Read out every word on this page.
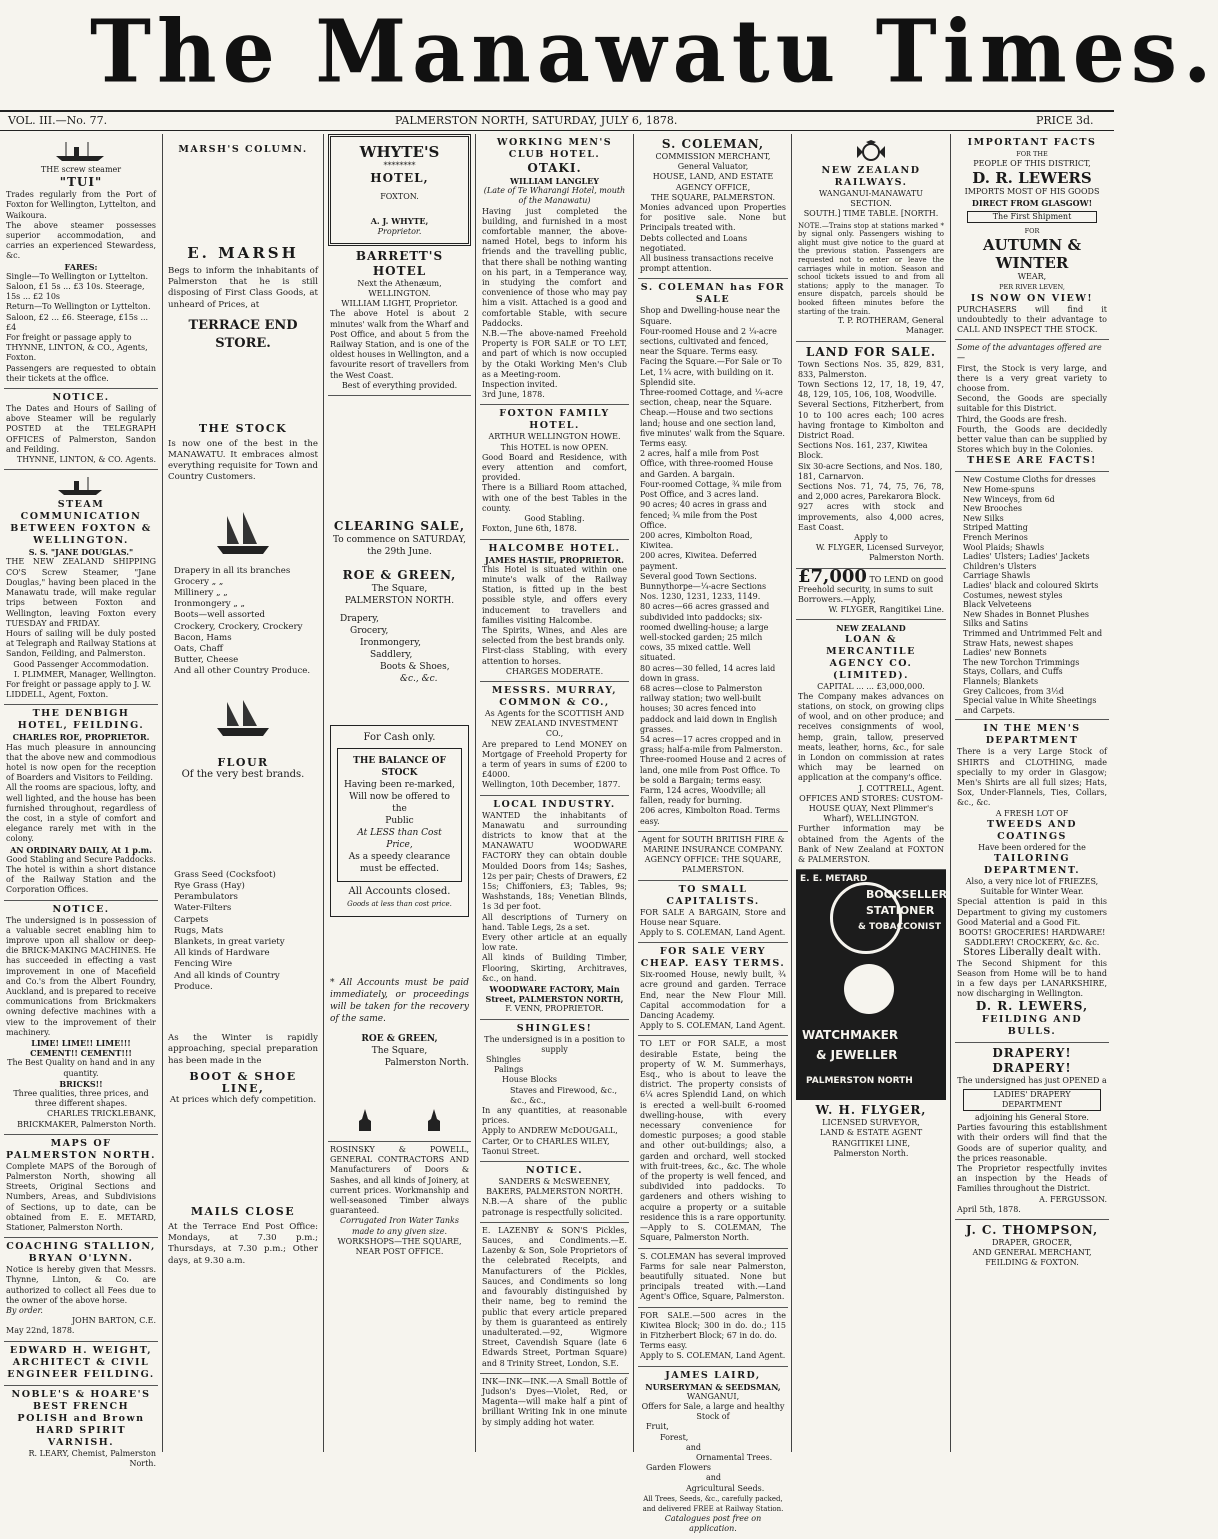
The Manawatu Times.
VOL. III.—No. 77.	PALMERSTON NORTH, SATURDAY, JULY 6, 1878.	PRICE 3d.

THE screw steamer

"TUI"

Trades regularly from the Port of Foxton for Wellington, Lyttelton, and Waikoura.

The above steamer possesses superior accommodation, and carries an experienced Stewardess, &c.

FARES:

Single—To Wellington or Lyttelton. Saloon, £1 5s ... £3 10s. Steerage, 15s ... £2 10s

Return—To Wellington or Lyttelton. Saloon, £2 ... £6. Steerage, £15s ... £4

For freight or passage apply to THYNNE, LINTON, & CO., Agents, Foxton.

Passengers are requested to obtain their tickets at the office.

NOTICE.

The Dates and Hours of Sailing of above Steamer will be regularly POSTED at the TELEGRAPH OFFICES of Palmerston, Sandon and Feilding.

THYNNE, LINTON, & CO. Agents.

STEAM COMMUNICATION BETWEEN FOXTON & WELLINGTON.

S. S. "JANE DOUGLAS."

THE NEW ZEALAND SHIPPING CO'S Screw Steamer, "Jane Douglas," having been placed in the Manawatu trade, will make regular trips between Foxton and Wellington, leaving Foxton every TUESDAY and FRIDAY.

Hours of sailing will be duly posted at Telegraph and Railway Stations at Sandon, Feilding, and Palmerston.

Good Passenger Accommodation.

I. PLIMMER, Manager, Wellington.

For freight or passage apply to J. W. LIDDELL, Agent, Foxton.

THE DENBIGH HOTEL, FEILDING.

CHARLES ROE, PROPRIETOR.

Has much pleasure in announcing that the above new and commodious hotel is now open for the reception of Boarders and Visitors to Feilding.

All the rooms are spacious, lofty, and well lighted, and the house has been furnished throughout, regardless of the cost, in a style of comfort and elegance rarely met with in the colony.

AN ORDINARY DAILY, At 1 p.m.

Good Stabling and Secure Paddocks.

The hotel is within a short distance of the Railway Station and the Corporation Offices.

NOTICE.

The undersigned is in possession of a valuable secret enabling him to improve upon all shallow or deep-die BRICK-MAKING MACHINES. He has succeeded in effecting a vast improvement in one of Macefield and Co.'s from the Albert Foundry, Auckland, and is prepared to receive communications from Brickmakers owning defective machines with a view to the improvement of their machinery.

LIME! LIME!! LIME!!!

CEMENT!! CEMENT!!!

The Best Quality on hand and in any quantity.

BRICKS!!

Three qualities, three prices, and three different shapes.

CHARLES TRICKLEBANK, BRICKMAKER, Palmerston North.

MAPS OF PALMERSTON NORTH.

Complete MAPS of the Borough of Palmerston North, showing all Streets, Original Sections and Numbers, Areas, and Subdivisions of Sections, up to date, can be obtained from E. E. METARD, Stationer, Palmerston North.

COACHING STALLION, BRYAN O'LYNN.

Notice is hereby given that Messrs. Thynne, Linton, & Co. are authorized to collect all Fees due to the owner of the above horse.

By order.

JOHN BARTON, C.E.

May 22nd, 1878.

EDWARD H. WEIGHT, ARCHITECT & CIVIL ENGINEER FEILDING.

NOBLE'S & HOARE'S BEST FRENCH POLISH and Brown HARD SPIRIT VARNISH.

R. LEARY, Chemist, Palmerston North.

MARSH'S COLUMN.

E. MARSH

Begs to inform the inhabitants of Palmerston that he is still disposing of First Class Goods, at unheard of Prices, at

TERRACE END STORE.

THE STOCK

Is now one of the best in the MANAWATU. It embraces almost everything requisite for Town and Country Customers.

Drapery in all its branches
Grocery „ „
Millinery „ „
Ironmongery „ „
Boots—well assorted
Crockery, Crockery, Crockery
Bacon, Hams
Oats, Chaff
Butter, Cheese
And all other Country Produce.

FLOUR

Of the very best brands.

Grass Seed (Cocksfoot)
Rye Grass (Hay)
Perambulators
Water-Filters
Carpets
Rugs, Mats
Blankets, in great variety
All kinds of Hardware
Fencing Wire
And all kinds of Country Produce.

As the Winter is rapidly approaching, special preparation has been made in the

BOOT & SHOE LINE,

At prices which defy competition.

MAILS CLOSE

At the Terrace End Post Office: Mondays, at 7.30 p.m.; Thursdays, at 7.30 p.m.; Other days, at 9.30 a.m.

WHYTE'S

********

HOTEL,

FOXTON.

A. J. WHYTE,

Proprietor.

BARRETT'S HOTEL

Next the Athenæum, WELLINGTON.

WILLIAM LIGHT, Proprietor.

The above Hotel is about 2 minutes' walk from the Wharf and Post Office, and about 5 from the Railway Station, and is one of the oldest houses in Wellington, and a favourite resort of travellers from the West Coast.

Best of everything provided.

CLEARING SALE,

To commence on SATURDAY, the 29th June.

ROE & GREEN,

The Square,

PALMERSTON NORTH.

Drapery,
Grocery,
Ironmongery,
Saddlery,
Boots & Shoes,
&c., &c.

For Cash only.

THE BALANCE OF STOCK

Having been re-marked,

Will now be offered to the

Public

At LESS than Cost Price,

As a speedy clearance must be effected.

All Accounts closed.

Goods at less than cost price.

* All Accounts must be paid immediately, or proceedings will be taken for the recovery of the same.

ROE & GREEN,

The Square,

Palmerston North.

ROSINSKY & POWELL, GENERAL CONTRACTORS AND Manufacturers of Doors & Sashes, and all kinds of Joinery, at current prices. Workmanship and well-seasoned Timber always guaranteed.

Corrugated Iron Water Tanks made to any given size.

WORKSHOPS—THE SQUARE, NEAR POST OFFICE.

WORKING MEN'S CLUB HOTEL.

OTAKI.

WILLIAM LANGLEY

(Late of Te Wharangi Hotel, mouth of the Manawatu)

Having just completed the building, and furnished in a most comfortable manner, the above-named Hotel, begs to inform his friends and the travelling public, that there shall be nothing wanting on his part, in a Temperance way, in studying the comfort and convenience of those who may pay him a visit. Attached is a good and comfortable Stable, with secure Paddocks.

N.B.—The above-named Freehold Property is FOR SALE or TO LET, and part of which is now occupied by the Otaki Working Men's Club as a Meeting-room.

Inspection invited.

3rd June, 1878.

FOXTON FAMILY HOTEL.

ARTHUR WELLINGTON HOWE.

This HOTEL is now OPEN.

Good Board and Residence, with every attention and comfort, provided.

There is a Billiard Room attached, with one of the best Tables in the county.

Good Stabling.

Foxton, June 6th, 1878.

HALCOMBE HOTEL.

JAMES HASTIE, PROPRIETOR.

This Hotel is situated within one minute's walk of the Railway Station, is fitted up in the best possible style, and offers every inducement to travellers and families visiting Halcombe.

The Spirits, Wines, and Ales are selected from the best brands only.

First-class Stabling, with every attention to horses.

CHARGES MODERATE.

MESSRS. MURRAY, COMMON & CO.,

As Agents for the SCOTTISH AND NEW ZEALAND INVESTMENT CO.,

Are prepared to Lend MONEY on Mortgage of Freehold Property for a term of years in sums of £200 to £4000.

Wellington, 10th December, 1877.

LOCAL INDUSTRY.

WANTED the inhabitants of Manawatu and surrounding districts to know that at the MANAWATU WOODWARE FACTORY they can obtain double Moulded Doors from 14s; Sashes, 12s per pair; Chests of Drawers, £2 15s; Chiffoniers, £3; Tables, 9s; Washstands, 18s; Venetian Blinds, 1s 3d per foot.

All descriptions of Turnery on hand. Table Legs, 2s a set.

Every other article at an equally low rate.

All kinds of Building Timber, Flooring, Skirting, Architraves, &c., on hand.

WOODWARE FACTORY, Main Street, PALMERSTON NORTH,

F. VENN, PROPRIETOR.

SHINGLES!

The undersigned is in a position to supply

Shingles
Palings
House Blocks
Staves and Firewood, &c., &c., &c.,

In any quantities, at reasonable prices.

Apply to ANDREW McDOUGALL, Carter, Or to CHARLES WILEY, Taonui Street.

NOTICE.

SANDERS & McSWEENEY, BAKERS, PALMERSTON NORTH.

N.B.—A share of the public patronage is respectfully solicited.

E. LAZENBY & SON'S Pickles, Sauces, and Condiments.—E. Lazenby & Son, Sole Proprietors of the celebrated Receipts, and Manufacturers of the Pickles, Sauces, and Condiments so long and favourably distinguished by their name, beg to remind the public that every article prepared by them is guaranteed as entirely unadulterated.—92, Wigmore Street, Cavendish Square (late 6 Edwards Street, Portman Square) and 8 Trinity Street, London, S.E.

INK—INK—INK.—A Small Bottle of Judson's Dyes—Violet, Red, or Magenta—will make half a pint of brilliant Writing Ink in one minute by simply adding hot water.

S. COLEMAN,

COMMISSION MERCHANT,

General Valuator,

HOUSE, LAND, AND ESTATE AGENCY OFFICE,

THE SQUARE, PALMERSTON.

Monies advanced upon Properties for positive sale. None but Principals treated with.

Debts collected and Loans negotiated.

All business transactions receive prompt attention.

S. COLEMAN has FOR SALE

Shop and Dwelling-house near the Square.

Four-roomed House and 2 ¼-acre sections, cultivated and fenced, near the Square. Terms easy.

Facing the Square.—For Sale or To Let, 1¼ acre, with building on it. Splendid site.

Three-roomed Cottage, and ¼-acre section, cheap, near the Square.

Cheap.—House and two sections land; house and one section land, five minutes' walk from the Square. Terms easy.

2 acres, half a mile from Post Office, with three-roomed House and Garden. A bargain.

Four-roomed Cottage, ¾ mile from Post Office, and 3 acres land.

90 acres; 40 acres in grass and fenced; ¾ mile from the Post Office.

200 acres, Kimbolton Road, Kiwitea.

200 acres, Kiwitea. Deferred payment.

Several good Town Sections.

Bunnythorpe—¼-acre Sections Nos. 1230, 1231, 1233, 1149.

80 acres—66 acres grassed and subdivided into paddocks; six-roomed dwelling-house; a large well-stocked garden; 25 milch cows, 35 mixed cattle. Well situated.

80 acres—30 felled, 14 acres laid down in grass.

68 acres—close to Palmerston railway station; two well-built houses; 30 acres fenced into paddock and laid down in English grasses.

54 acres—17 acres cropped and in grass; half-a-mile from Palmerston.

Three-roomed House and 2 acres of land, one mile from Post Office. To be sold a Bargain; terms easy.

Farm, 124 acres, Woodville; all fallen, ready for burning.

206 acres, Kimbolton Road. Terms easy.

Agent for SOUTH BRITISH FIRE & MARINE INSURANCE COMPANY.

AGENCY OFFICE: THE SQUARE, PALMERSTON.

TO SMALL CAPITALISTS.

FOR SALE A BARGAIN, Store and House near Square.

Apply to S. COLEMAN, Land Agent.

FOR SALE VERY CHEAP. EASY TERMS.

Six-roomed House, newly built, ¾ acre ground and garden. Terrace End, near the New Flour Mill. Capital accommodation for a Dancing Academy.

Apply to S. COLEMAN, Land Agent.

TO LET or FOR SALE, a most desirable Estate, being the property of W. M. Summerhays, Esq., who is about to leave the district. The property consists of 6¼ acres Splendid Land, on which is erected a well-built 6-roomed dwelling-house, with every necessary convenience for domestic purposes; a good stable and other out-buildings; also, a garden and orchard, well stocked with fruit-trees, &c., &c. The whole of the property is well fenced, and subdivided into paddocks. To gardeners and others wishing to acquire a property or a suitable residence this is a rare opportunity.—Apply to S. COLEMAN, The Square, Palmerston North.

S. COLEMAN has several improved Farms for sale near Palmerston, beautifully situated. None but principals treated with.—Land Agent's Office, Square, Palmerston.

FOR SALE.—500 acres in the Kiwitea Block; 300 in do. do.; 115 in Fitzherbert Block; 67 in do. do.

Terms easy.

Apply to S. COLEMAN, Land Agent.

JAMES LAIRD,

NURSERYMAN & SEEDSMAN,

WANGANUI,

Offers for Sale, a large and healthy Stock of

Fruit,
Forest,
and
Ornamental Trees.
Garden Flowers
and
Agricultural Seeds.

All Trees, Seeds, &c., carefully packed, and delivered FREE at Railway Station.

Catalogues post free on application.

NEW ZEALAND RAILWAYS.

WANGANUI-MANAWATU SECTION.

SOUTH.] TIME TABLE. [NORTH.

NOTE.—Trains stop at stations marked * by signal only. Passengers wishing to alight must give notice to the guard at the previous station. Passengers are requested not to enter or leave the carriages while in motion. Season and school tickets issued to and from all stations; apply to the manager. To ensure dispatch, parcels should be booked fifteen minutes before the starting of the train.

T. P. ROTHERAM, General Manager.

LAND FOR SALE.

Town Sections Nos. 35, 829, 831, 833, Palmerston.

Town Sections 12, 17, 18, 19, 47, 48, 129, 105, 106, 108, Woodville.

Several Sections, Fitzherbert, from 10 to 100 acres each; 100 acres having frontage to Kimbolton and District Road.

Sections Nos. 161, 237, Kiwitea Block.

Six 30-acre Sections, and Nos. 180, 181, Carnarvon.

Sections Nos. 71, 74, 75, 76, 78, and 2,000 acres, Parekarora Block.

927 acres with stock and improvements, also 4,000 acres, East Coast.

Apply to

W. FLYGER, Licensed Surveyor, Palmerston North.

£7,000 TO LEND on good Freehold security, in sums to suit Borrowers.—Apply,

W. FLYGER, Rangitikei Line.

NEW ZEALAND

LOAN & MERCANTILE AGENCY CO. (LIMITED).

CAPITAL ... ... £3,000,000.

The Company makes advances on stations, on stock, on growing clips of wool, and on other produce; and receives consignments of wool, hemp, grain, tallow, preserved meats, leather, horns, &c., for sale in London on commission at rates which may be learned on application at the company's office.

J. COTTRELL, Agent.

OFFICES AND STORES: CUSTOM-HOUSE QUAY, Next Plimmer's Wharf), WELLINGTON.

Further information may be obtained from the Agents of the Bank of New Zealand at FOXTON & PALMERSTON.

E. E. METARD
BOOKSELLER
STATIONER
& TOBACCONIST
WATCHMAKER
& JEWELLER
PALMERSTON NORTH

W. H. FLYGER,

LICENSED SURVEYOR,

LAND & ESTATE AGENT

RANGITIKEI LINE,

Palmerston North.

IMPORTANT FACTS

FOR THE

PEOPLE OF THIS DISTRICT,

D. R. LEWERS

IMPORTS MOST OF HIS GOODS

DIRECT FROM GLASGOW!

The First Shipment

FOR

AUTUMN & WINTER

WEAR,

PER RIVER LEVEN,

IS NOW ON VIEW!

PURCHASERS will find it undoubtedly to their advantage to CALL AND INSPECT THE STOCK.

Some of the advantages offered are—

First, the Stock is very large, and there is a very great variety to choose from.

Second, the Goods are specially suitable for this District.

Third, the Goods are fresh.

Fourth, the Goods are decidedly better value than can be supplied by Stores which buy in the Colonies.

THESE ARE FACTS!

New Costume Cloths for dresses
New Home-spuns
New Winceys, from 6d
New Brooches
New Silks
Striped Matting
French Merinos
Wool Plaids; Shawls
Ladies' Ulsters; Ladies' Jackets
Children's Ulsters
Carriage Shawls
Ladies' black and coloured Skirts
Costumes, newest styles
Black Velveteens
New Shades in Bonnet Plushes
Silks and Satins
Trimmed and Untrimmed Felt and Straw Hats, newest shapes
Ladies' new Bonnets
The new Torchon Trimmings
Stays, Collars, and Cuffs
Flannels; Blankets
Grey Calicoes, from 3½d
Special value in White Sheetings and Carpets.

IN THE MEN'S DEPARTMENT

There is a very Large Stock of SHIRTS and CLOTHING, made specially to my order in Glasgow; Men's Shirts are all full sizes; Hats, Sox, Under-Flannels, Ties, Collars, &c., &c.

A FRESH LOT OF

TWEEDS AND COATINGS

Have been ordered for the

TAILORING DEPARTMENT.

Also, a very nice lot of FRIEZES,

Suitable for Winter Wear.

Special attention is paid in this Department to giving my customers Good Material and a Good Fit.

BOOTS! GROCERIES! HARDWARE! SADDLERY! CROCKERY, &c. &c.

Stores Liberally dealt with.

The Second Shipment for this Season from Home will be to hand in a few days per LANARKSHIRE, now discharging in Wellington.

D. R. LEWERS,

FEILDING AND BULLS.

DRAPERY! DRAPERY!

The undersigned has just OPENED a

LADIES' DRAPERY DEPARTMENT

adjoining his General Store.

Parties favouring this establishment with their orders will find that the Goods are of superior quality, and the prices reasonable.

The Proprietor respectfully invites an inspection by the Heads of Families throughout the District.

A. FERGUSSON.

April 5th, 1878.

J. C. THOMPSON,

DRAPER, GROCER,

AND GENERAL MERCHANT,

FEILDING & FOXTON.
